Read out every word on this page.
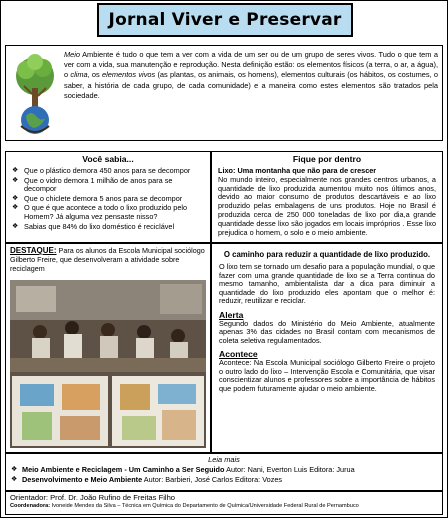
Jornal Viver e Preservar
Meio Ambiente é tudo o que tem a ver com a vida de um ser ou de um grupo de seres vivos. Tudo o que tem a ver com a vida, sua manutenção e reprodução. Nesta definição estão: os elementos físicos (a terra, o ar, a água), o clima, os elementos vivos (as plantas, os animais, os homens), elementos culturais (os hábitos, os costumes, o saber, a história de cada grupo, de cada comunidade) e a maneira como estes elementos são tratados pela sociedade.
Você sabia...
❖ Que o plástico demora 450 anos para se decompor
❖ Que o vidro demora 1 milhão de anos para se decompor
❖ Que o chiclete demora 5 anos para se decompor
❖ O que é que acontece a todo o lixo produzido pelo Homem? Já alguma vez pensaste nisso?
❖ Sabias que 84% do lixo doméstico é reciclável
Fique por dentro
Lixo: Uma montanha que não para de crescer
No mundo inteiro, especialmente nos grandes centros urbanos, a quantidade de lixo produzida aumentou muito nos últimos anos, devido ao maior consumo de produtos descartáveis e ao lixo produzido pelas embalagens de uns produtos. Hoje no Brasil é produzida cerca de 250 000 toneladas de lixo por dia,a grande quantidade desse lixo são jogados em locais impróprios . Esse lixo prejudica o homem, o solo e o meio ambiente.
DESTAQUE: Para os alunos da Escola Municipal sociólogo Gilberto Freire, que desenvolveram a atividade sobre reciclagem
O caminho para reduzir a quantidade de lixo produzido.
O lixo tem se tornado um desafio para a população mundial, o que fazer com uma grande quantidade de lixo se a Terra continua do mesmo tamanho, ambientalista dar a dica para diminuir a quantidade do lixo produzido eles apontam que o melhor é: reduzir, reutilizar e reciclar.
Alerta
Segundo dados do Ministério do Meio Ambiente, atualmente apenas 3% das cidades no Brasil contam com mecanismos de coleta seletiva regulamentados.
Acontece
Acontece: Na Escola Municipal sociólogo Gilberto Freire o projeto o outro lado do lixo – Intervenção Escola e Comunitária, que visar conscientizar alunos e professores sobre a importância de hábitos que podem futuramente ajudar o meio ambiente.
Leia mais
❖ Meio Ambiente e Reciclagem - Um Caminho a Ser Seguido Autor: Nani, Everton Luis Editora: Jurua
❖ Desenvolvimento e Meio Ambiente Autor: Barbieri, José Carlos Editora: Vozes
Orientador: Prof. Dr. João Rufino de Freitas Filho
Coordenadora: Ivoneide Mendes da Silva – Técnica em Química do Departamento de Química/Universidade Federal Rural de Pernambuco
